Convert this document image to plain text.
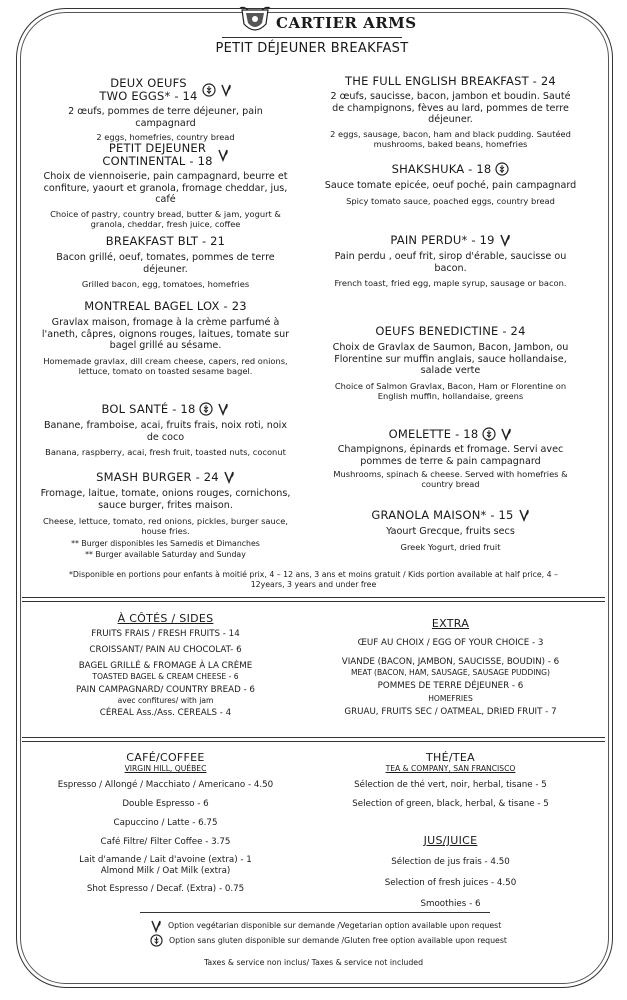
CARTIER ARMS
PETIT DÉJEUNER BREAKFAST
DEUX OEUFS
TWO EGGS* - 14
2 œufs, pommes de terre déjeuner, pain campagnard
2 eggs, homefries, country bread
PETIT DEJEUNER
CONTINENTAL - 18
Choix de viennoiserie, pain campagnard, beurre et confiture, yaourt et granola, fromage cheddar, jus, café
Choice of pastry, country bread, butter & jam, yogurt & granola, cheddar, fresh juice, coffee
BREAKFAST BLT - 21
Bacon grillé, oeuf, tomates, pommes de terre déjeuner.
Grilled bacon, egg, tomatoes, homefries
MONTREAL BAGEL LOX - 23
Gravlax maison, fromage à la crème parfumé à l'aneth, câpres, oignons rouges, laitues, tomate sur bagel grillé au sésame.
Homemade gravlax, dill cream cheese, capers, red onions, lettuce, tomato on toasted sesame bagel.
BOL SANTÉ - 18
Banane, framboise, acai, fruits frais, noix roti, noix de coco
Banana, raspberry, acai, fresh fruit, toasted nuts, coconut
SMASH BURGER - 24
Fromage, laitue, tomate, onions rouges, cornichons, sauce burger, frites maison.
Cheese, lettuce, tomato, red onions, pickles, burger sauce, house fries.
** Burger disponibles les Samedis et Dimanches
** Burger available Saturday and Sunday
THE FULL ENGLISH BREAKFAST - 24
2 œufs, saucisse, bacon, jambon et boudin. Sauté de champignons, fèves au lard, pommes de terre déjeuner.
2 eggs, sausage, bacon, ham and black pudding. Sautéed mushrooms, baked beans, homefries
SHAKSHUKA - 18
Sauce tomate epicée, oeuf poché, pain campagnard
Spicy tomato sauce, poached eggs, country bread
PAIN PERDU* - 19
Pain perdu , oeuf frit, sirop d'érable, saucisse ou bacon.
French toast, fried egg, maple syrup, sausage or bacon.
OEUFS BENEDICTINE - 24
Choix de Gravlax de Saumon, Bacon, Jambon, ou Florentine sur muffin anglais, sauce hollandaise, salade verte
Choice of Salmon Gravlax, Bacon, Ham or Florentine on English muffin, hollandaise, greens
OMELETTE - 18
Champignons, épinards et fromage. Servi avec pommes de terre & pain campagnard
Mushrooms, spinach & cheese. Served with homefries & country bread
GRANOLA MAISON* - 15
Yaourt Grecque, fruits secs
Greek Yogurt, dried fruit
*Disponible en portions pour enfants à moitié prix, 4 – 12 ans, 3 ans et moins gratuit / Kids portion available at half price, 4 – 12years, 3 years and under free
À CÔTÉS / SIDES
FRUITS FRAIS / FRESH FRUITS - 14
CROISSANT/ PAIN AU CHOCOLAT- 6
BAGEL GRILLÉ & FROMAGE À LA CRÈME
TOASTED BAGEL & CREAM CHEESE - 6
PAIN CAMPAGNARD/ COUNTRY BREAD - 6
avec confitures/ with jam
CÉREAL Ass./Ass. CEREALS - 4
EXTRA
ŒUF AU CHOIX / EGG OF YOUR CHOICE - 3
VIANDE (BACON, JAMBON, SAUCISSE, BOUDIN) - 6
MEAT (BACON, HAM, SAUSAGE, SAUSAGE PUDDING)
POMMES DE TERRE DÉJEUNER - 6
HOMEFRIES
GRUAU, FRUITS SEC / OATMEAL, DRIED FRUIT - 7
CAFÉ/COFFEE
VIRGIN HILL, QUÉBEC
Espresso / Allongé / Macchiato / Americano - 4.50
Double Espresso - 6
Capuccino / Latte - 6.75
Café Filtre/ Filter Coffee - 3.75
Lait d'amande / Lait d'avoine (extra) - 1
Almond Milk / Oat Milk (extra)
Shot Espresso / Decaf. (Extra) - 0.75
THÉ/TEA
TEA & COMPANY, SAN FRANCISCO
Sélection de thé vert, noir, herbal, tisane - 5
Selection of green, black, herbal, & tisane - 5
JUS/JUICE
Sélection de jus frais - 4.50
Selection of fresh juices - 4.50
Smoothies - 6
Option vegétarian disponible sur demande /Vegetarian option available upon request
Option sans gluten disponible sur demande /Gluten free option available upon request
Taxes & service non inclus/ Taxes & service not included
